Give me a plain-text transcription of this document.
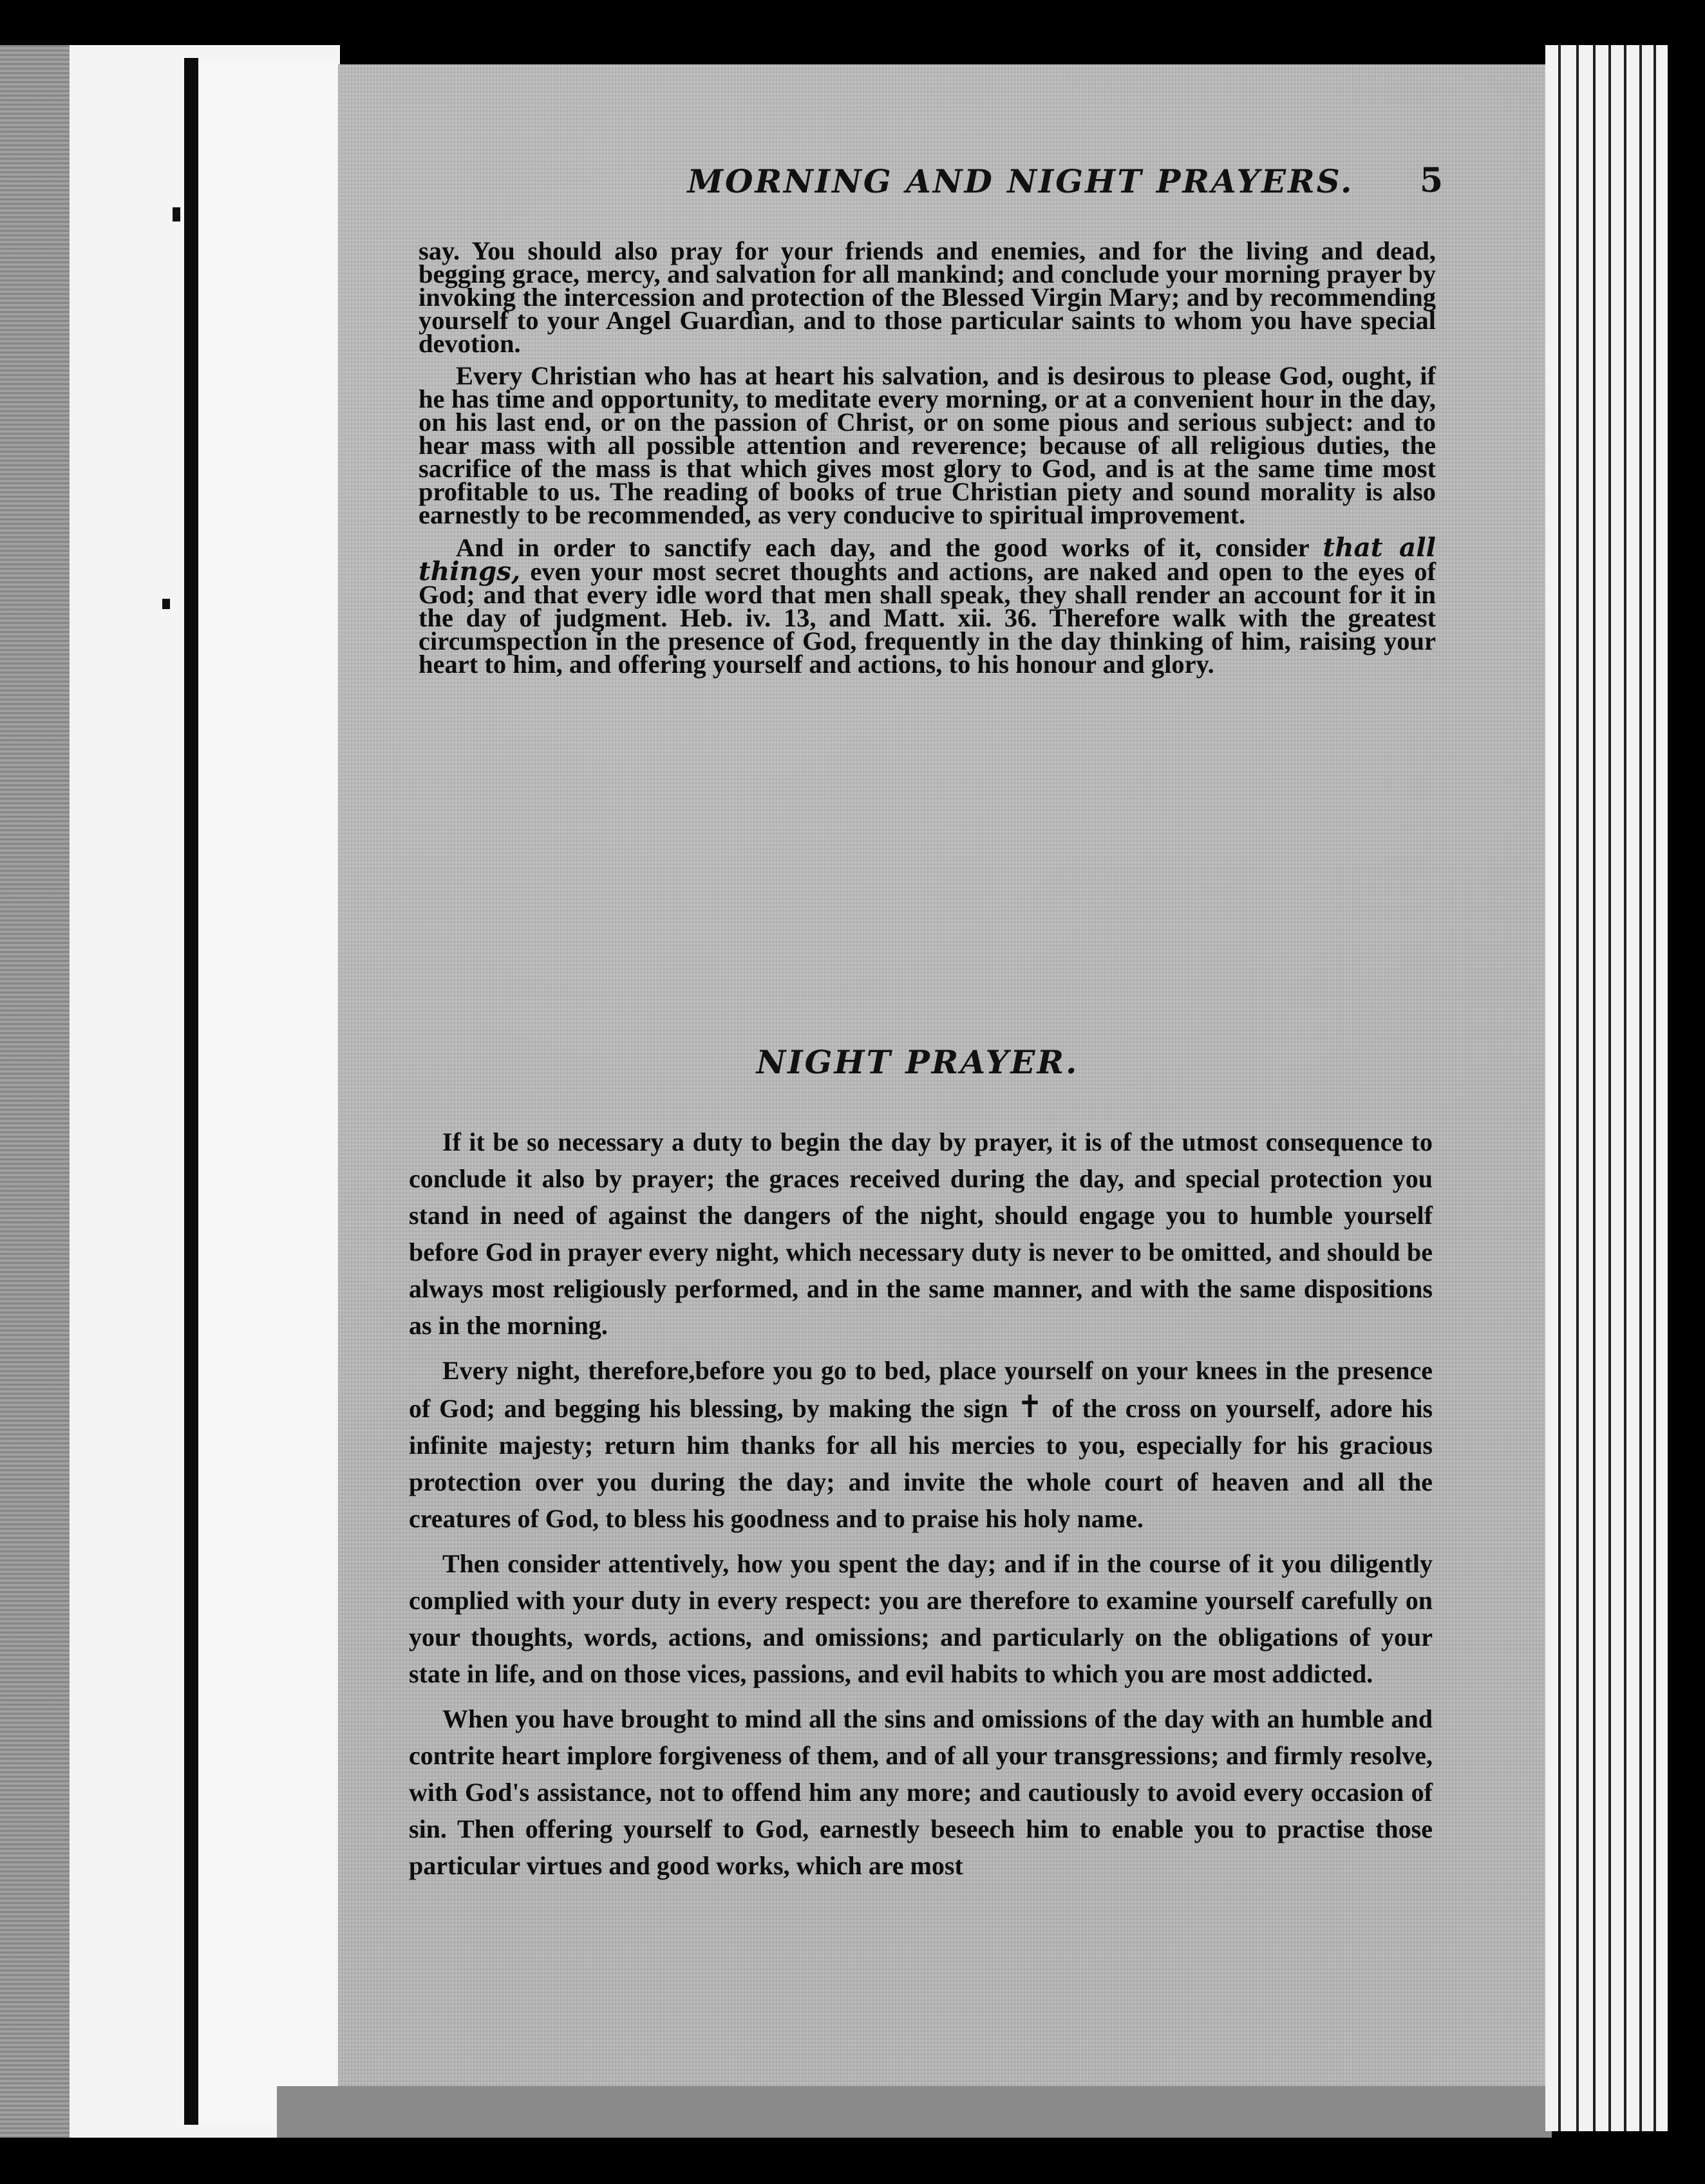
MORNING AND NIGHT PRAYERS.	5

say. You should also pray for your friends and enemies, and for the living and dead, begging grace, mercy, and salvation for all mankind; and conclude your morning prayer by invoking the intercession and protection of the Blessed Virgin Mary; and by recommending yourself to your Angel Guardian, and to those particular saints to whom you have special devotion.

Every Christian who has at heart his salvation, and is desirous to please God, ought, if he has time and opportunity, to meditate every morning, or at a convenient hour in the day, on his last end, or on the passion of Christ, or on some pious and serious subject: and to hear mass with all possible attention and reverence; because of all religious duties, the sacrifice of the mass is that which gives most glory to God, and is at the same time most profitable to us. The reading of books of true Christian piety and sound morality is also earnestly to be recommended, as very conducive to spiritual improvement.

And in order to sanctify each day, and the good works of it, consider that all things, even your most secret thoughts and actions, are naked and open to the eyes of God; and that every idle word that men shall speak, they shall render an account for it in the day of judgment. Heb. iv. 13, and Matt. xii. 36. Therefore walk with the greatest circumspection in the presence of God, frequently in the day thinking of him, raising your heart to him, and offering yourself and actions, to his honour and glory.

NIGHT PRAYER.

If it be so necessary a duty to begin the day by prayer, it is of the utmost consequence to conclude it also by prayer; the graces received during the day, and special protection you stand in need of against the dangers of the night, should engage you to humble yourself before God in prayer every night, which necessary duty is never to be omitted, and should be always most religiously performed, and in the same manner, and with the same dispositions as in the morning.

Every night, therefore,before you go to bed, place yourself on your knees in the presence of God; and begging his blessing, by making the sign ✝ of the cross on yourself, adore his infinite majesty; return him thanks for all his mercies to you, especially for his gracious protection over you during the day; and invite the whole court of heaven and all the creatures of God, to bless his goodness and to praise his holy name.

Then consider attentively, how you spent the day; and if in the course of it you diligently complied with your duty in every respect: you are therefore to examine yourself carefully on your thoughts, words, actions, and omissions; and particularly on the obligations of your state in life, and on those vices, passions, and evil habits to which you are most addicted.

When you have brought to mind all the sins and omissions of the day with an humble and contrite heart implore forgiveness of them, and of all your transgressions; and firmly resolve, with God's assistance, not to offend him any more; and cautiously to avoid every occasion of sin. Then offering yourself to God, earnestly beseech him to enable you to practise those particular virtues and good works, which are most
